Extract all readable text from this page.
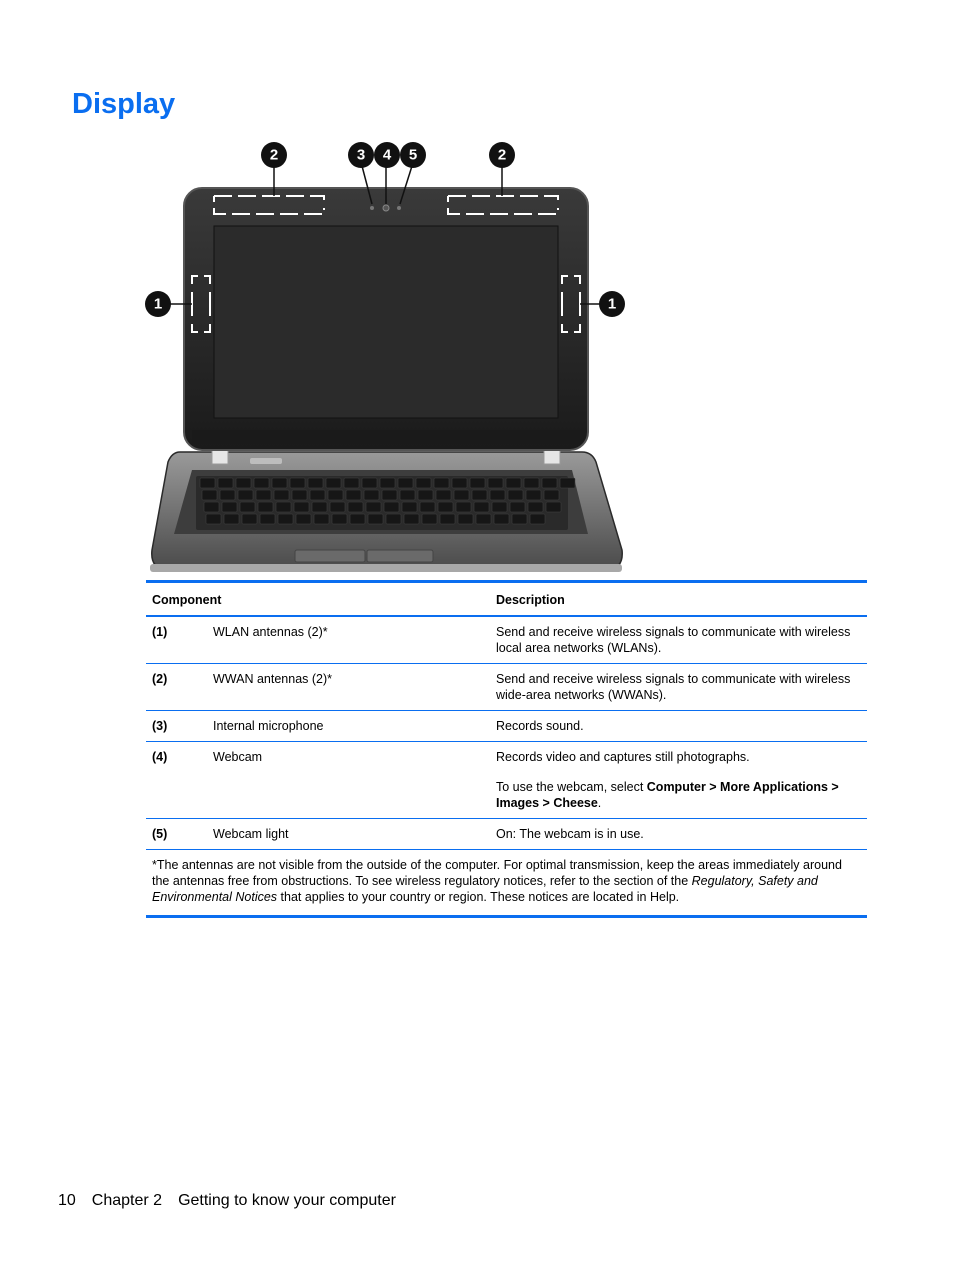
Display
1	1
2	2
3 4 5
Component		Description
(1)	WLAN antennas (2)*	Send and receive wireless signals to communicate with wireless local area networks (WLANs).

(2)	WWAN antennas (2)*	Send and receive wireless signals to communicate with wireless wide-area networks (WWANs).

(3)	Internal microphone	Records sound.

(4)	Webcam	Records video and captures still photographs.

To use the webcam, select Computer > More Applications > Images > Cheese.

(5)	Webcam light	On: The webcam is in use.

*The antennas are not visible from the outside of the computer. For optimal transmission, keep the areas immediately around the antennas free from obstructions. To see wireless regulatory notices, refer to the section of the Regulatory, Safety and Environmental Notices that applies to your country or region. These notices are located in Help.		
10 Chapter 2 Getting to know your computer
